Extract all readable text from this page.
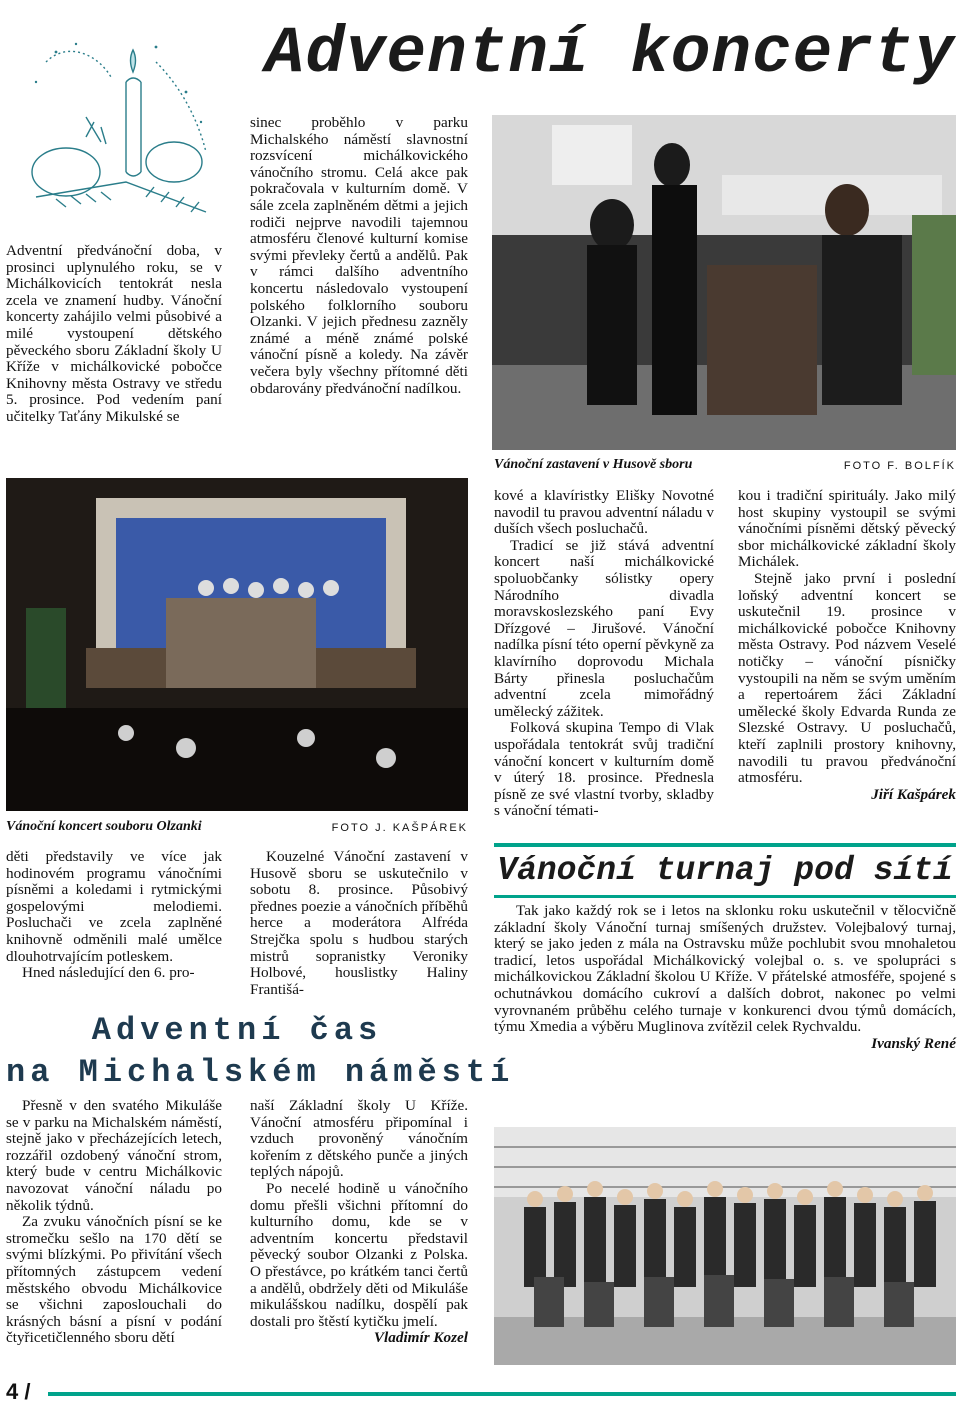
Adventní koncerty
Adventní předvánoční doba, v prosinci uplynulého roku, se v Michálkovicích tentokrát nesla zcela ve znamení hudby. Vánoční koncerty zahájilo velmi působivé a milé vystoupení dětského pěveckého sboru Základní školy U Kříže v michálkovické pobočce Knihovny města Ostravy ve středu 5. prosince. Pod vedením paní učitelky Taťány Mikulské se
sinec proběhlo v parku Michalského náměstí slavnostní rozsvícení michálkovického vánočního stromu. Celá akce pak pokračovala v kulturním domě. V sále zcela zaplněném dětmi a jejich rodiči nejprve navodili tajemnou atmosféru členové kulturní komise svými převleky čertů a andělů. Pak v rámci dalšího adventního koncertu následovalo vystoupení polského folklorního souboru Olzanki. V jejich přednesu zazněly známé a méně známé polské vánoční písně a koledy. Na závěr večera byly všechny přítomné děti obdarovány předvánoční nadílkou.
Vánoční zastavení v Husově sboru	FOTO F. BOLFÍK
Vánoční koncert souboru Olzanki	FOTO J. KAŠPÁREK

děti představily ve více jak hodinovém programu vánočními písněmi a koledami i rytmickými gospelovými melodiemi. Posluchači ve zcela zaplněné knihovně odměnili malé umělce dlouhotrvajícím potleskem.

Hned následující den 6. pro-

Kouzelné Vánoční zastavení v Husově sboru se uskutečnilo v sobotu 8. prosince. Působivý přednes poezie a vánočních příběhů herce a moderátora Alfréda Strejčka spolu s hudbou starých mistrů sopranistky Veroniky Holbové, houslistky Haliny Františá-

kové a klavíristky Elišky Novotné navodil tu pravou adventní náladu v duších všech posluchačů.

Tradicí se již stává adventní koncert naší michálkovické spoluobčanky sólistky opery Národního divadla moravskoslezského paní Evy Dřízgové – Jirušové. Vánoční nadílka písní této operní pěvkyně za klavírního doprovodu Michala Bárty přinesla posluchačům adventní zcela mimořádný umělecký zážitek.

Folková skupina Tempo di Vlak uspořádala tentokrát svůj tradiční vánoční koncert v kulturním domě v úterý 18. prosince. Přednesla písně ze své vlastní tvorby, skladby s vánoční témati-

kou i tradiční spirituály. Jako milý host skupiny vystoupil se svými vánočními písněmi dětský pěvecký sbor michálkovické základní školy Michálek.

Stejně jako první i poslední loňský adventní koncert se uskutečnil 19. prosince v michálkovické pobočce Knihovny města Ostravy. Pod názvem Veselé notičky – vánoční písničky vystoupili na něm se svým uměním a repertoárem žáci Základní umělecké školy Edvarda Runda ze Slezské Ostravy. U posluchačů, kteří zaplnili prostory knihovny, navodili tu pravou předvánoční atmosféru.

Jiří Kašpárek
Vánoční turnaj pod sítí

Tak jako každý rok se i letos na sklonku roku uskutečnil v tělocvičně základní školy Vánoční turnaj smíšených družstev. Volejbalový turnaj, který se jako jeden z mála na Ostravsku může pochlubit svou mnohaletou tradicí, letos uspořádal Michálkovický volejbal o. s. ve spolupráci s michálkovickou Základní školou U Kříže. V přátelské atmosféře, spojené s ochutnávkou domácího cukroví a dalších dobrot, nakonec po velmi vyrovnaném průběhu celého turnaje v konkurenci dvou týmů domácích, týmu Xmedia a výběru Muglinova zvítězil celek Rychvaldu.
Ivanský René

Adventní čas
na Michalském náměstí

Přesně v den svatého Mikuláše se v parku na Michalském náměstí, stejně jako v přecházejících letech, rozzářil ozdobený vánoční strom, který bude v centru Michálkovic navozovat vánoční náladu po několik týdnů.

Za zvuku vánočních písní se ke stromečku sešlo na 170 dětí se svými blízkými. Po přivítání všech přítomných zástupcem vedení městského obvodu Michálkovice se všichni zaposlouchali do krásných básní a písní v podání čtyřicetičlenného sboru dětí

naší Základní školy U Kříže. Vánoční atmosféru připomínal i vzduch provoněný vánočním kořením z dětského punče a jiných teplých nápojů.

Po necelé hodině u vánočního domu přešli všichni přítomní do kulturního domu, kde se v adventním koncertu představil pěvecký soubor Olzanki z Polska. O přestávce, po krátkém tanci čertů a andělů, obdržely děti od Mikuláše mikulášskou nadílku, dospělí pak dostali pro štěstí kytičku jmelí.
Vladimír Kozel

4 /
